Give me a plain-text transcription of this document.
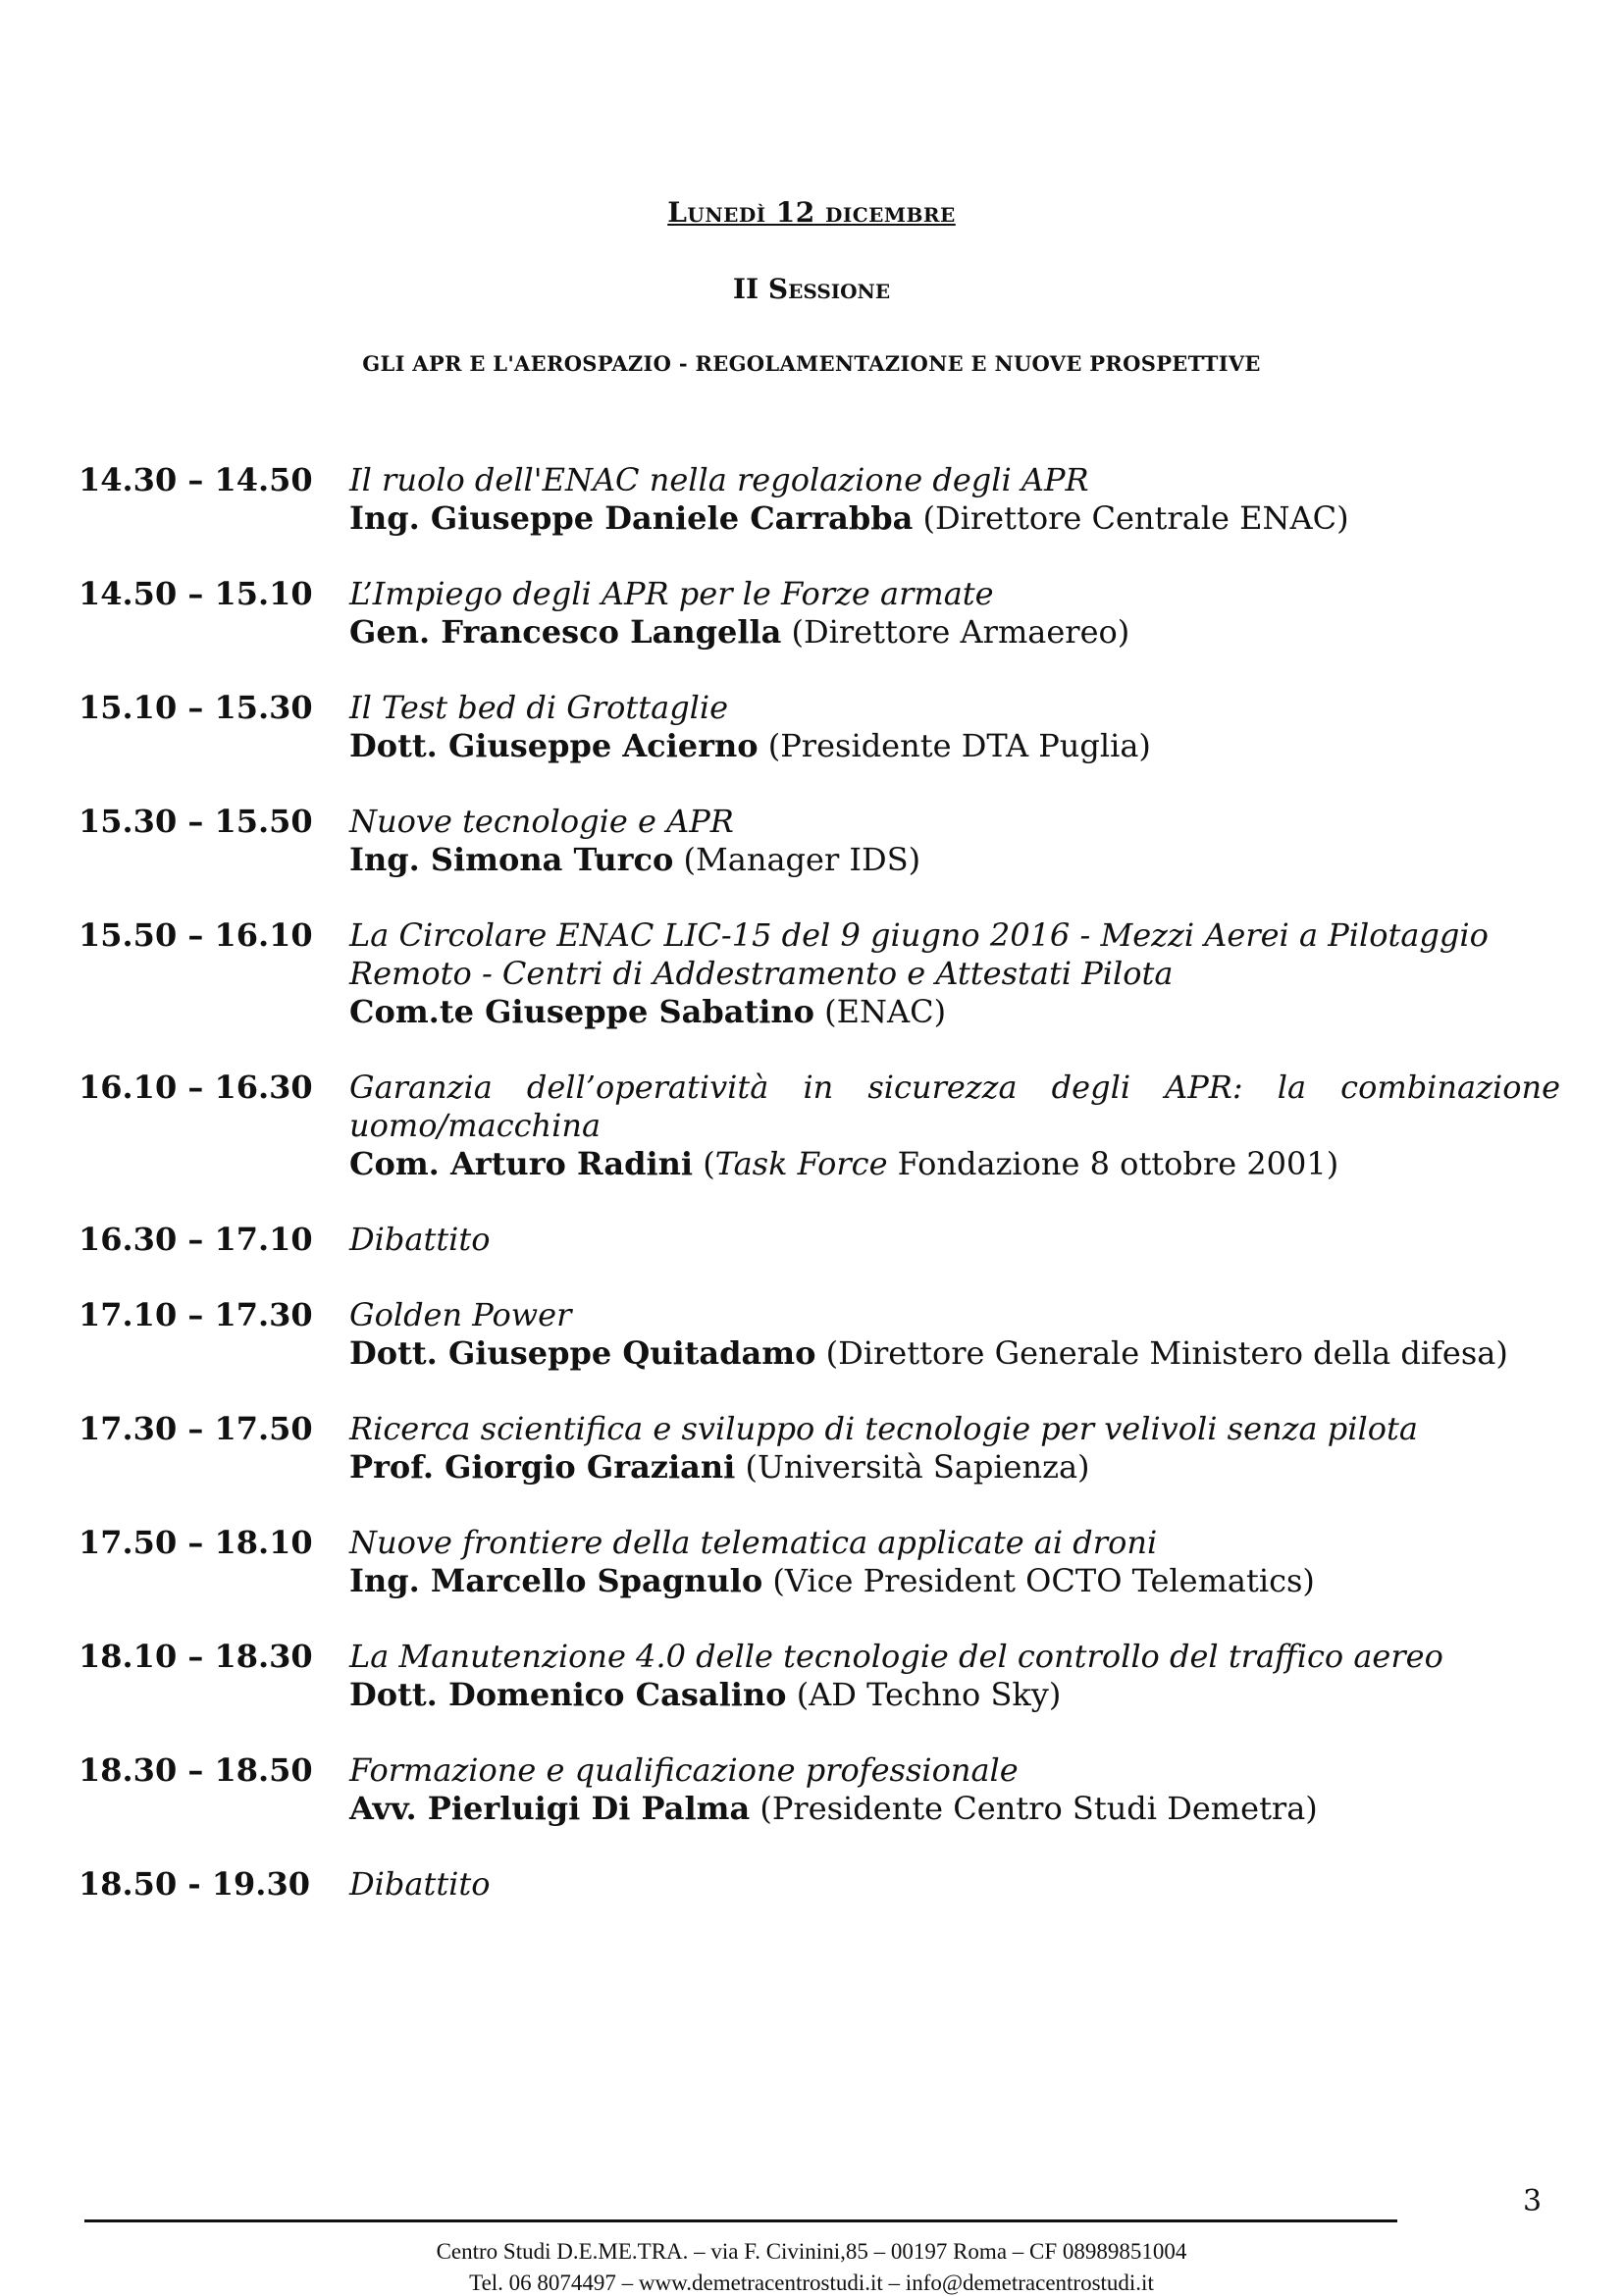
Lunedì 12 dicembre
II Sessione
GLI APR E L'AEROSPAZIO - REGOLAMENTAZIONE E NUOVE PROSPETTIVE
14.30 – 14.50	Il ruolo dell'ENAC nella regolazione degli APR
Ing. Giuseppe Daniele Carrabba (Direttore Centrale ENAC)
14.50 – 15.10	L’Impiego degli APR per le Forze armate
Gen. Francesco Langella (Direttore Armaereo)
15.10 – 15.30	Il Test bed di Grottaglie
Dott. Giuseppe Acierno (Presidente DTA Puglia)
15.30 – 15.50	Nuove tecnologie e APR
Ing. Simona Turco (Manager IDS)
15.50 – 16.10	La Circolare ENAC LIC-15 del 9 giugno 2016 - Mezzi Aerei a Pilotaggio
Remoto - Centri di Addestramento e Attestati Pilota
Com.te Giuseppe Sabatino (ENAC)
16.10 – 16.30	Garanzia dell’operatività in sicurezza degli APR: la combinazione uomo/macchina
Com. Arturo Radini (Task Force Fondazione 8 ottobre 2001)
16.30 – 17.10	Dibattito
17.10 – 17.30	Golden Power
Dott. Giuseppe Quitadamo (Direttore Generale Ministero della difesa)
17.30 – 17.50	Ricerca scientifica e sviluppo di tecnologie per velivoli senza pilota
Prof. Giorgio Graziani (Università Sapienza)
17.50 – 18.10	Nuove frontiere della telematica applicate ai droni
Ing. Marcello Spagnulo (Vice President OCTO Telematics)
18.10 – 18.30	La Manutenzione 4.0 delle tecnologie del controllo del traffico aereo
Dott. Domenico Casalino (AD Techno Sky)
18.30 – 18.50	Formazione e qualificazione professionale
Avv. Pierluigi Di Palma (Presidente Centro Studi Demetra)
18.50 - 19.30	Dibattito
3
Centro Studi D.E.ME.TRA. – via F. Civinini,85 – 00197 Roma – CF 08989851004
Tel. 06 8074497 – www.demetracentrostudi.it – info@demetracentrostudi.it
